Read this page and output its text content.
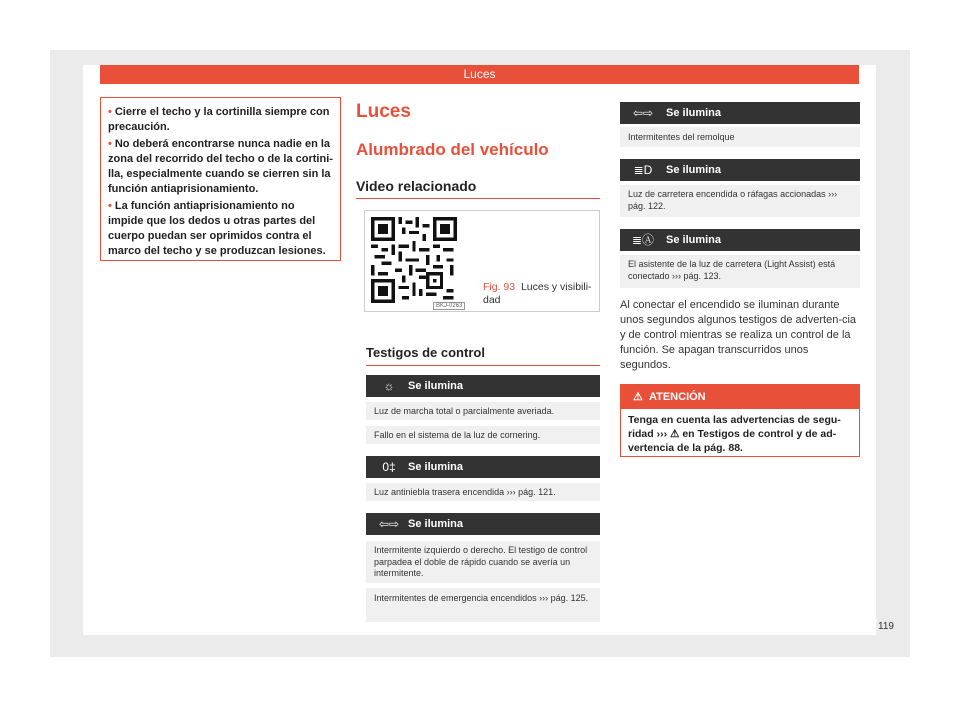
Luces
• Cierre el techo y la cortinilla siempre con precaución.
• No deberá encontrarse nunca nadie en la zona del recorrido del techo o de la cortini-lla, especialmente cuando se cierren sin la función antiaprisionamiento.
• La función antiaprisionamiento no impide que los dedos u otras partes del cuerpo puedan ser oprimidos contra el marco del techo y se produzcan lesiones.
Luces
Alumbrado del vehículo
Video relacionado
BKJ-0263
Fig. 93 Luces y visibili-dad
Testigos de control
☼	Se ilumina
Luz de marcha total o parcialmente averiada.
Fallo en el sistema de la luz de cornering.
0‡	Se ilumina
Luz antiniebla trasera encendida ››› pág. 121.
⇦⇨ Se ilumina
Intermitente izquierdo o derecho. El testigo de control parpadea el doble de rápido cuando se avería un intermitente.
Intermitentes de emergencia encendidos ››› pág. 125.
⇦⇨	Se ilumina
Intermitentes del remolque
≣D	Se ilumina
Luz de carretera encendida o ráfagas accionadas ››› pág. 122.
≣Ⓐ	Se ilumina
El asistente de la luz de carretera (Light Assist) está conectado ››› pág. 123.
Al conectar el encendido se iluminan durante unos segundos algunos testigos de adverten-cia y de control mientras se realiza un control de la función. Se apagan transcurridos unos segundos.
⚠ ATENCIÓN
Tenga en cuenta las advertencias de segu-ridad ››› ⚠ en Testigos de control y de ad-vertencia de la pág. 88.
119
